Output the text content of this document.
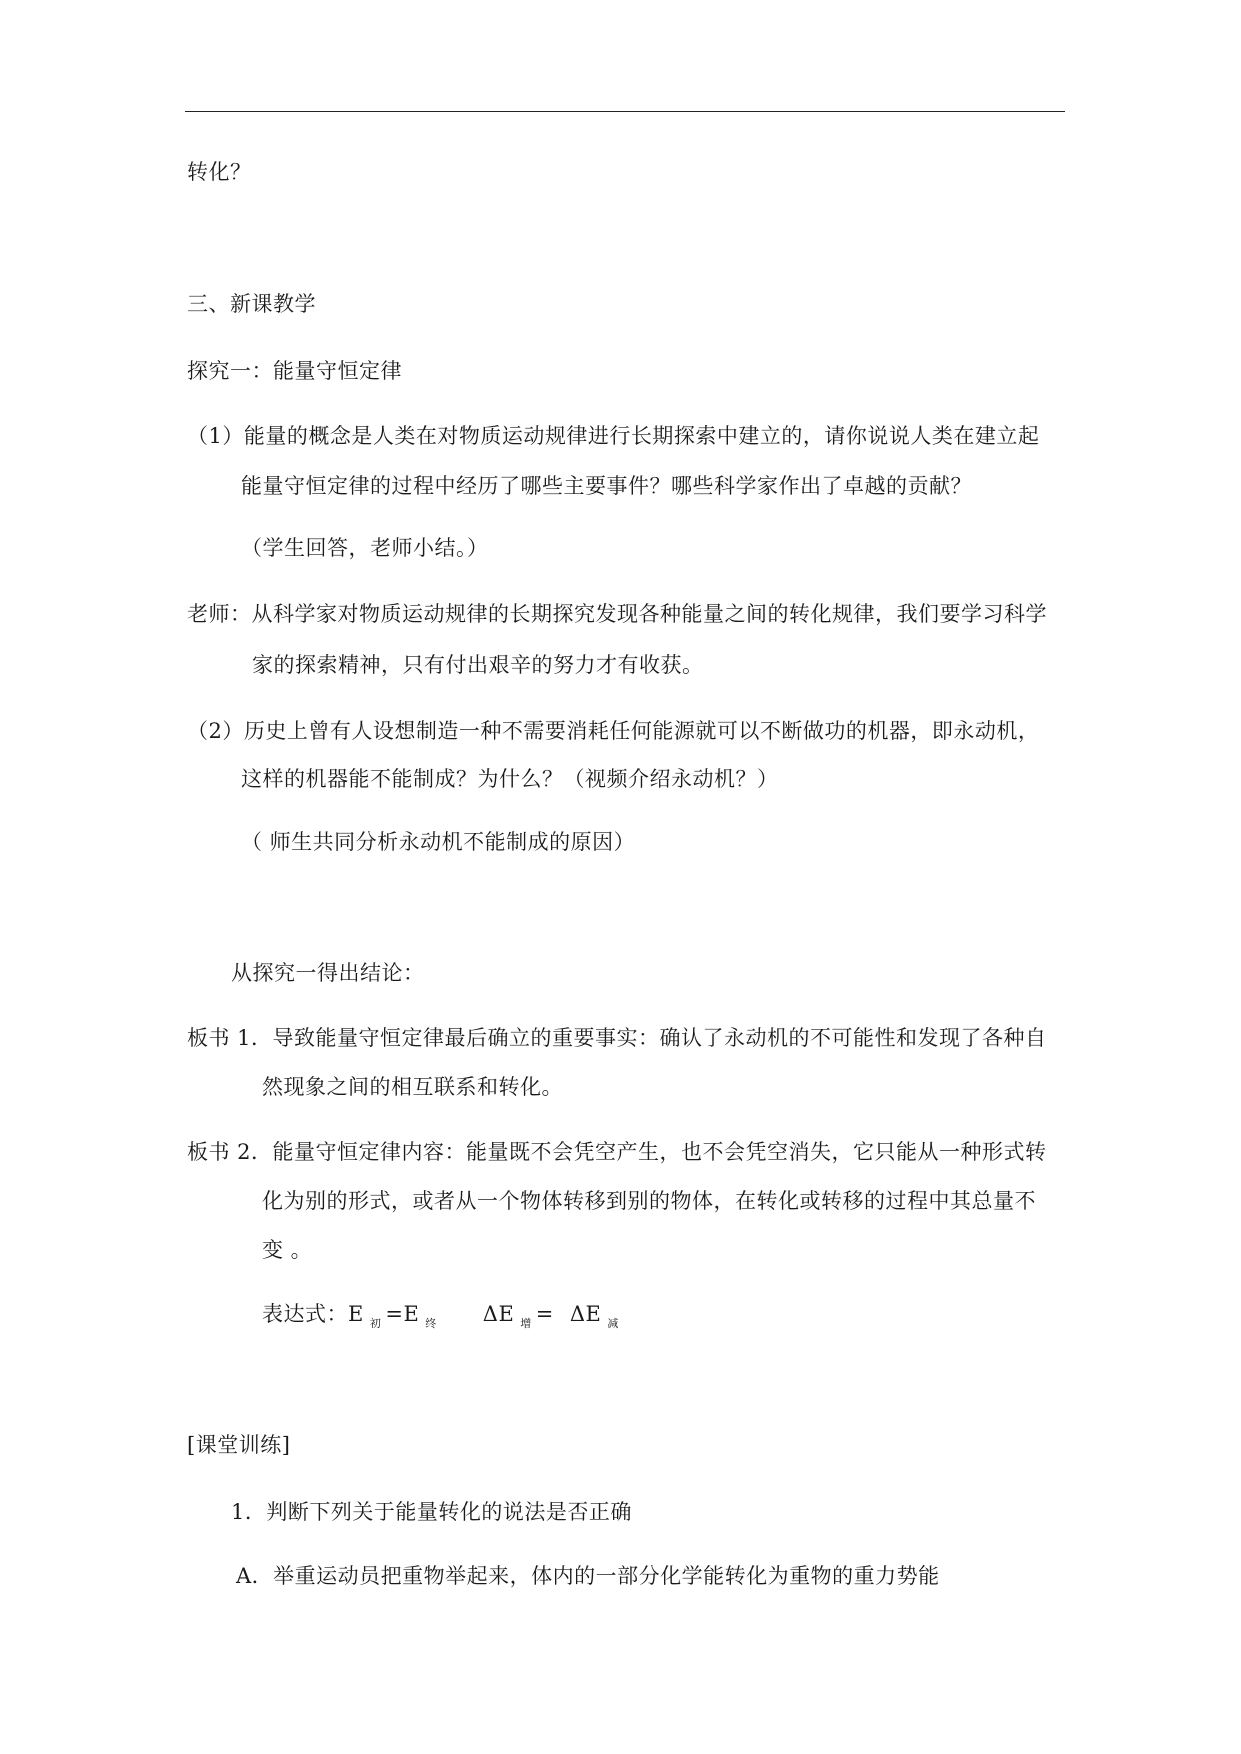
转化？
三、新课教学
探究一：能量守恒定律
（1）能量的概念是人类在对物质运动规律进行长期探索中建立的，请你说说人类在建立起
能量守恒定律的过程中经历了哪些主要事件？哪些科学家作出了卓越的贡献？
（学生回答，老师小结。）
老师：从科学家对物质运动规律的长期探究发现各种能量之间的转化规律，我们要学习科学
家的探索精神，只有付出艰辛的努力才有收获。
（2）历史上曾有人设想制造一种不需要消耗任何能源就可以不断做功的机器，即永动机，
这样的机器能不能制成？为什么？（视频介绍永动机？）
（ 师生共同分析永动机不能制成的原因）
从探究一得出结论：
板书 1．导致能量守恒定律最后确立的重要事实：确认了永动机的不可能性和发现了各种自
然现象之间的相互联系和转化。
板书 2．能量守恒定律内容：能量既不会凭空产生，也不会凭空消失，它只能从一种形式转
化为别的形式，或者从一个物体转移到别的物体，在转化或转移的过程中其总量不
变 。
表达式：E $_初$ =E $_终$ ΔE $_增$ = ΔE $_减$
[课堂训练]
1．判断下列关于能量转化的说法是否正确
A．举重运动员把重物举起来，体内的一部分化学能转化为重物的重力势能
